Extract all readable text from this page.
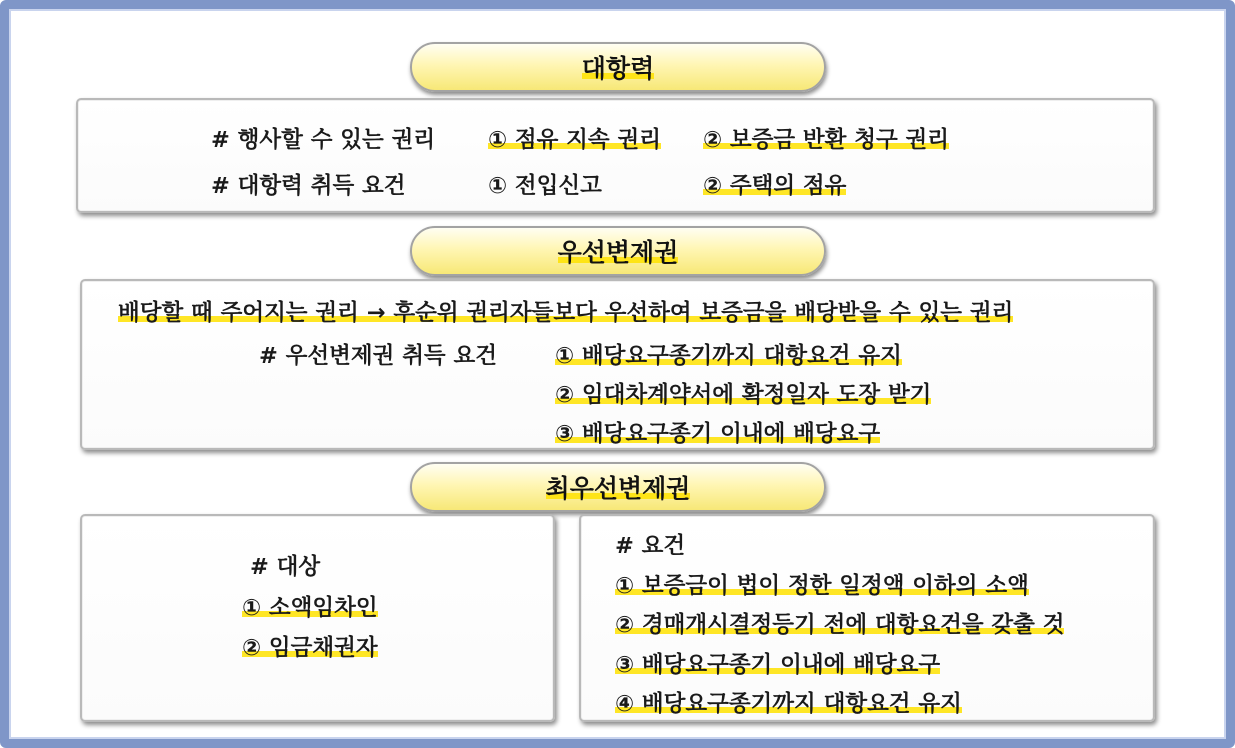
대항력
# 행사할 수 있는 권리 ① 점유 지속 권리 ② 보증금 반환 청구 권리
# 대항력 취득 요건	① 전입신고	② 주택의 점유
우선변제권
배당할 때 주어지는 권리 → 후순위 권리자들보다 우선하여 보증금을 배당받을 수 있는 권리
# 우선변제권 취득 요건	① 배당요구종기까지 대항요건 유지
② 임대차계약서에 확정일자 도장 받기
③ 배당요구종기 이내에 배당요구
최우선변제권
# 대상
① 소액임차인
② 임금채권자
# 요건
① 보증금이 법이 정한 일정액 이하의 소액
② 경매개시결정등기 전에 대항요건을 갖출 것
③ 배당요구종기 이내에 배당요구
④ 배당요구종기까지 대항요건 유지
